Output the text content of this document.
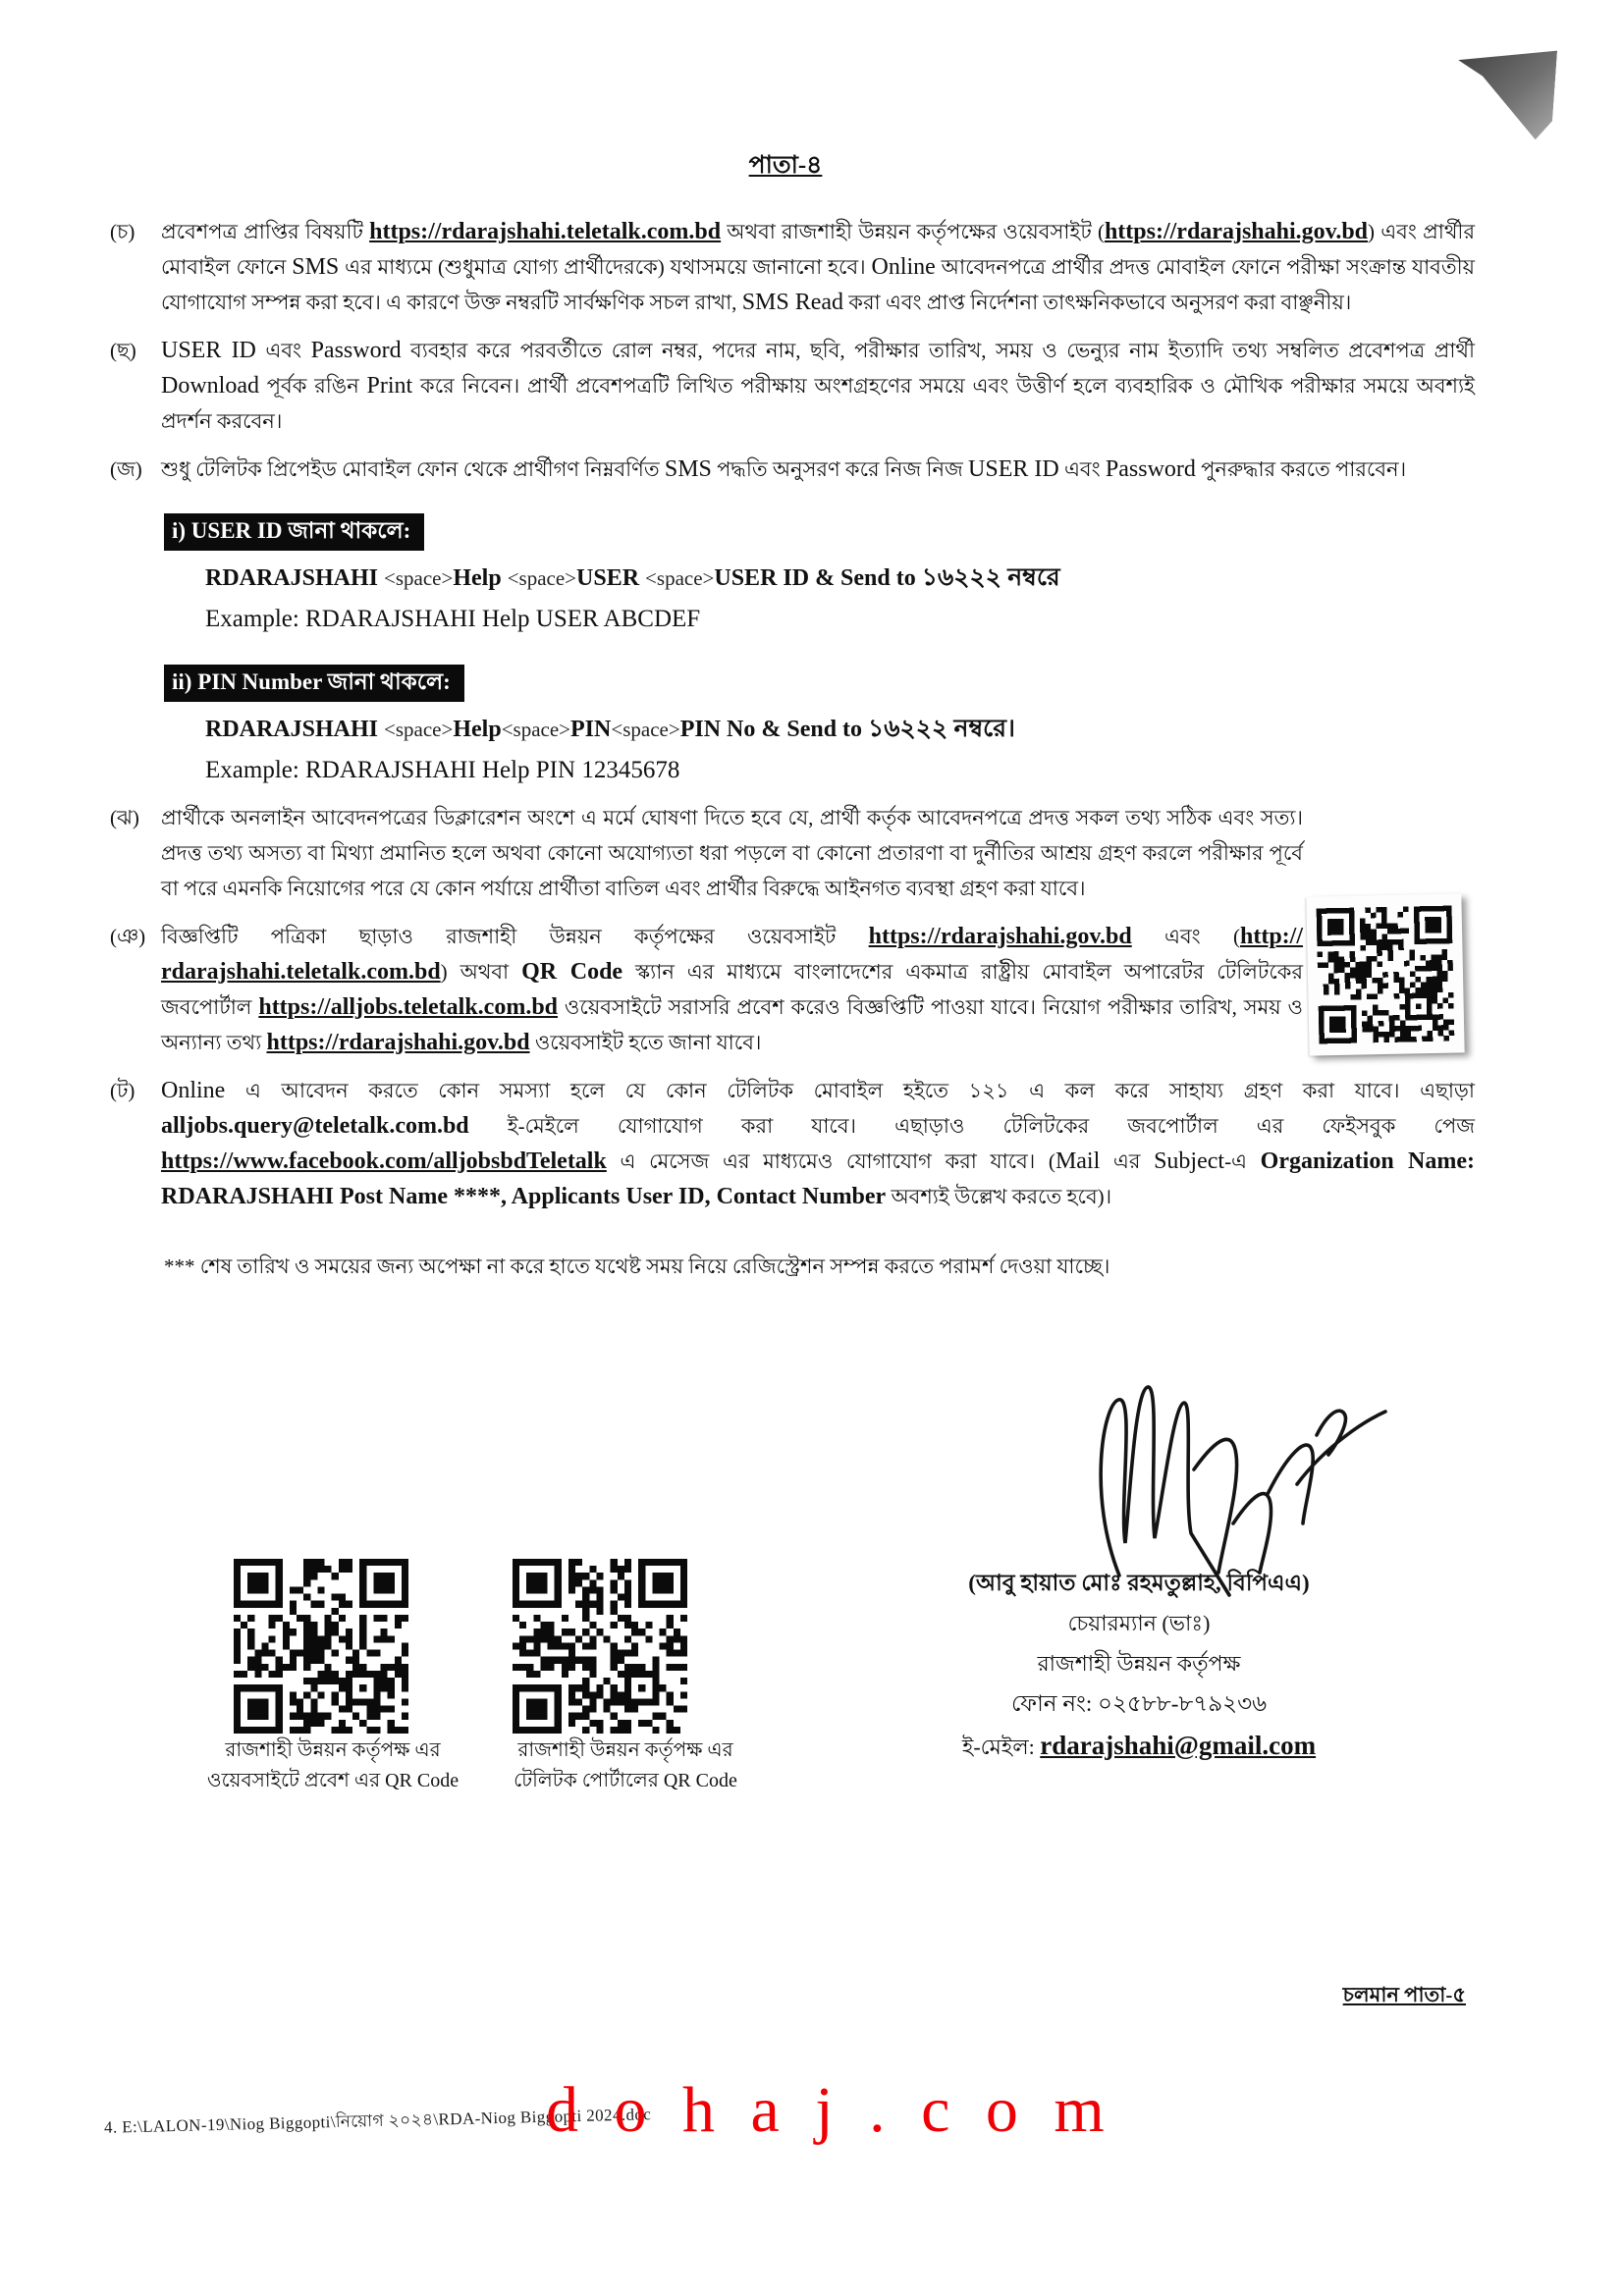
পাতা-৪
(চ)	প্রবেশপত্র প্রাপ্তির বিষয়টি https://rdarajshahi.teletalk.com.bd অথবা রাজশাহী উন্নয়ন কর্তৃপক্ষের ওয়েবসাইট (https://rdarajshahi.gov.bd) এবং প্রার্থীর মোবাইল ফোনে SMS এর মাধ্যমে (শুধুমাত্র যোগ্য প্রার্থীদেরকে) যথাসময়ে জানানো হবে। Online আবেদনপত্রে প্রার্থীর প্রদত্ত মোবাইল ফোনে পরীক্ষা সংক্রান্ত যাবতীয় যোগাযোগ সম্পন্ন করা হবে। এ কারণে উক্ত নম্বরটি সার্বক্ষণিক সচল রাখা, SMS Read করা এবং প্রাপ্ত নির্দেশনা তাৎক্ষনিকভাবে অনুসরণ করা বাঞ্ছনীয়।
(ছ)	USER ID এবং Password ব্যবহার করে পরবর্তীতে রোল নম্বর, পদের নাম, ছবি, পরীক্ষার তারিখ, সময় ও ভেন্যুর নাম ইত্যাদি তথ্য সম্বলিত প্রবেশপত্র প্রার্থী Download পূর্বক রঙিন Print করে নিবেন। প্রার্থী প্রবেশপত্রটি লিখিত পরীক্ষায় অংশগ্রহণের সময়ে এবং উত্তীর্ণ হলে ব্যবহারিক ও মৌখিক পরীক্ষার সময়ে অবশ্যই প্রদর্শন করবেন।
(জ) শুধু টেলিটক প্রিপেইড মোবাইল ফোন থেকে প্রার্থীগণ নিম্নবর্ণিত SMS পদ্ধতি অনুসরণ করে নিজ নিজ USER ID এবং Password পুনরুদ্ধার করতে পারবেন।
i) USER ID জানা থাকলে:
RDARAJSHAHI <space>Help <space>USER <space>USER ID & Send to ১৬২২২ নম্বরে
Example: RDARAJSHAHI Help USER ABCDEF
ii) PIN Number জানা থাকলে:
RDARAJSHAHI <space>Help<space>PIN<space>PIN No & Send to ১৬২২২ নম্বরে।
Example: RDARAJSHAHI Help PIN 12345678
(ঝ)	প্রার্থীকে অনলাইন আবেদনপত্রের ডিক্লারেশন অংশে এ মর্মে ঘোষণা দিতে হবে যে, প্রার্থী কর্তৃক আবেদনপত্রে প্রদত্ত সকল তথ্য সঠিক এবং সত্য। প্রদত্ত তথ্য অসত্য বা মিথ্যা প্রমানিত হলে অথবা কোনো অযোগ্যতা ধরা পড়লে বা কোনো প্রতারণা বা দুর্নীতির আশ্রয় গ্রহণ করলে পরীক্ষার পূর্বে বা পরে এমনকি নিয়োগের পরে যে কোন পর্যায়ে প্রার্থীতা বাতিল এবং প্রার্থীর বিরুদ্ধে আইনগত ব্যবস্থা গ্রহণ করা যাবে।
(ঞ) বিজ্ঞপ্তিটি পত্রিকা ছাড়াও রাজশাহী উন্নয়ন কর্তৃপক্ষের ওয়েবসাইট https://rdarajshahi.gov.bd এবং (http:// rdarajshahi.teletalk.com.bd) অথবা QR Code স্ক্যান এর মাধ্যমে বাংলাদেশের একমাত্র রাষ্ট্রীয় মোবাইল অপারেটর টেলিটকের জবপোর্টাল https://alljobs.teletalk.com.bd ওয়েবসাইটে সরাসরি প্রবেশ করেও বিজ্ঞপ্তিটি পাওয়া যাবে। নিয়োগ পরীক্ষার তারিখ, সময় ও অন্যান্য তথ্য https://rdarajshahi.gov.bd ওয়েবসাইট হতে জানা যাবে।
(ট)	Online এ আবেদন করতে কোন সমস্যা হলে যে কোন টেলিটক মোবাইল হইতে ১২১ এ কল করে সাহায্য গ্রহণ করা যাবে। এছাড়া alljobs.query@teletalk.com.bd ই-মেইলে যোগাযোগ করা যাবে। এছাড়াও টেলিটকের জবপোর্টাল এর ফেইসবুক পেজ https://www.facebook.com/alljobsbdTeletalk এ মেসেজ এর মাধ্যমেও যোগাযোগ করা যাবে। (Mail এর Subject-এ Organization Name: RDARAJSHAHI Post Name ****, Applicants User ID, Contact Number অবশ্যই উল্লেখ করতে হবে)।
*** শেষ তারিখ ও সময়ের জন্য অপেক্ষা না করে হাতে যথেষ্ট সময় নিয়ে রেজিস্ট্রেশন সম্পন্ন করতে পরামর্শ দেওয়া যাচ্ছে।
(আবু হায়াত মোঃ রহমতুল্লাহ, বিপিএএ)
চেয়ারম্যান (ভাঃ)
রাজশাহী উন্নয়ন কর্তৃপক্ষ
ফোন নং: ০২৫৮৮-৮৭৯২৩৬
ই-মেইল: rdarajshahi@gmail.com
রাজশাহী উন্নয়ন কর্তৃপক্ষ এর ওয়েবসাইটে প্রবেশ এর QR Code
রাজশাহী উন্নয়ন কর্তৃপক্ষ এর টেলিটক পোর্টালের QR Code
চলমান পাতা-৫
4. E:\LALON-19\Niog Biggopti\নিয়োগ ২০২৪\RDA-Niog Biggopti 2024.doc
d o h a j . c o m
